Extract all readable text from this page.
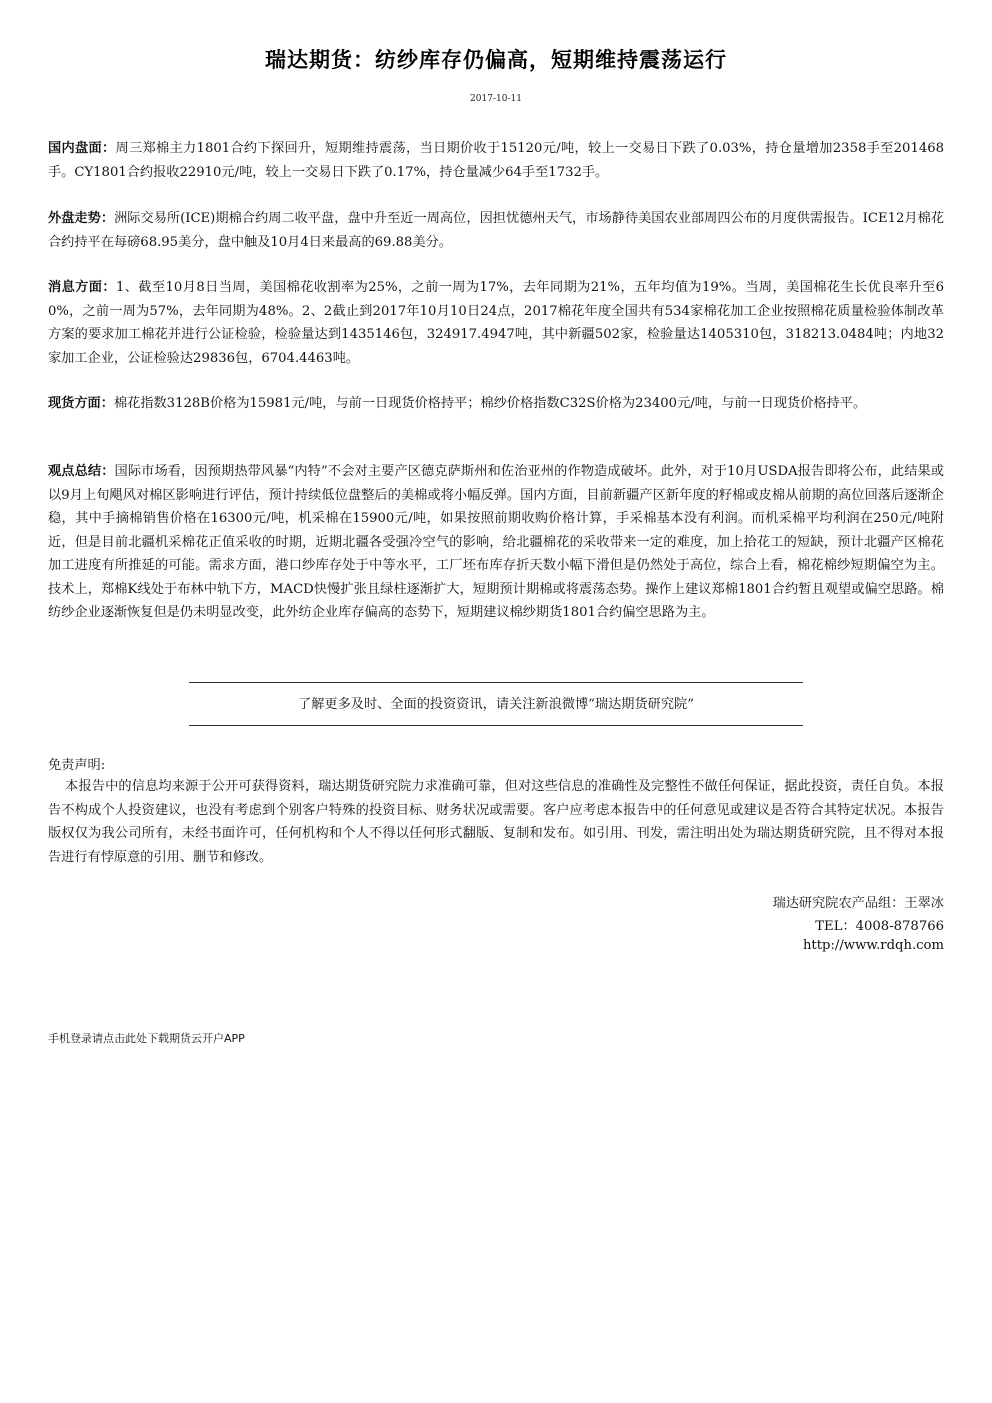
瑞达期货：纺纱库存仍偏高，短期维持震荡运行
2017-10-11
国内盘面：周三郑棉主力1801合约下探回升，短期维持震荡，当日期价收于15120元/吨，较上一交易日下跌了0.03%，持仓量增加2358手至201468手。CY1801合约报收22910元/吨，较上一交易日下跌了0.17%，持仓量减少64手至1732手。
外盘走势：洲际交易所(ICE)期棉合约周二收平盘，盘中升至近一周高位，因担忧德州天气，市场静待美国农业部周四公布的月度供需报告。ICE12月棉花合约持平在每磅68.95美分，盘中触及10月4日来最高的69.88美分。
消息方面：1、截至10月8日当周，美国棉花收割率为25%，之前一周为17%，去年同期为21%，五年均值为19%。当周，美国棉花生长优良率升至60%，之前一周为57%，去年同期为48%。2、2截止到2017年10月10日24点，2017棉花年度全国共有534家棉花加工企业按照棉花质量检验体制改革方案的要求加工棉花并进行公证检验，检验量达到1435146包，324917.4947吨，其中新疆502家，检验量达1405310包，318213.0484吨；内地32家加工企业，公证检验达29836包，6704.4463吨。
现货方面：棉花指数3128B价格为15981元/吨，与前一日现货价格持平；棉纱价格指数C32S价格为23400元/吨，与前一日现货价格持平。
观点总结：国际市场看，因预期热带风暴“内特”不会对主要产区德克萨斯州和佐治亚州的作物造成破坏。此外，对于10月USDA报告即将公布，此结果或以9月上旬飓风对棉区影响进行评估，预计持续低位盘整后的美棉或将小幅反弹。国内方面，目前新疆产区新年度的籽棉或皮棉从前期的高位回落后逐渐企稳，其中手摘棉销售价格在16300元/吨，机采棉在15900元/吨，如果按照前期收购价格计算，手采棉基本没有利润。而机采棉平均利润在250元/吨附近，但是目前北疆机采棉花正值采收的时期，近期北疆各受强冷空气的影响，给北疆棉花的采收带来一定的难度，加上拾花工的短缺，预计北疆产区棉花加工进度有所推延的可能。需求方面，港口纱库存处于中等水平，工厂坯布库存折天数小幅下滑但是仍然处于高位，综合上看，棉花棉纱短期偏空为主。技术上，郑棉K线处于布林中轨下方，MACD快慢扩张且绿柱逐渐扩大，短期预计期棉或将震荡态势。操作上建议郑棉1801合约暂且观望或偏空思路。棉纺纱企业逐渐恢复但是仍未明显改变，此外纺企业库存偏高的态势下，短期建议棉纱期货1801合约偏空思路为主。
了解更多及时、全面的投资资讯，请关注新浪微博“瑞达期货研究院”
免责声明:
本报告中的信息均来源于公开可获得资料，瑞达期货研究院力求准确可靠，但对这些信息的准确性及完整性不做任何保证，据此投资，责任自负。本报告不构成个人投资建议，也没有考虑到个别客户特殊的投资目标、财务状况或需要。客户应考虑本报告中的任何意见或建议是否符合其特定状况。本报告版权仅为我公司所有，未经书面许可，任何机构和个人不得以任何形式翻版、复制和发布。如引用、刊发，需注明出处为瑞达期货研究院，且不得对本报告进行有悖原意的引用、删节和修改。
瑞达研究院农产品组：王翠冰
TEL：4008-878766
http://www.rdqh.com
手机登录请点击此处下载期货云开户APP
